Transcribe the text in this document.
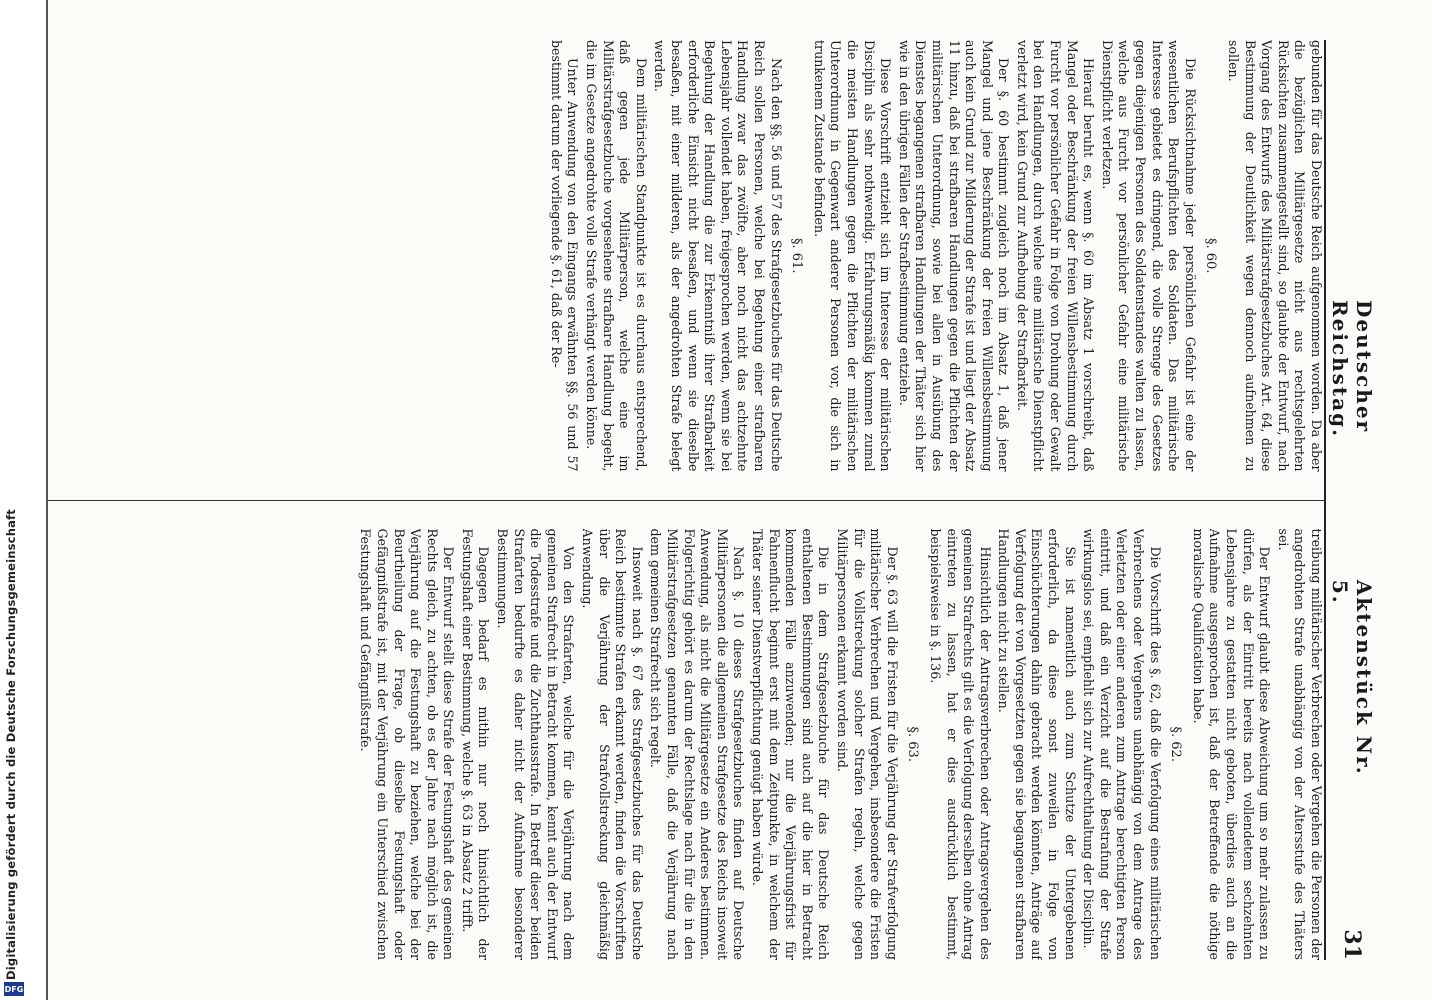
Deutscher Reichstag.
Aktenstück Nr. 5.
31

gebunden für das Deutsche Reich aufgenommen worden. Da aber die bezüglichen Militärgesetze nicht aus rechtsgelehrten Rücksichten zusammengestellt sind, so glaubte der Entwurf, nach Vorgang des Entwurfs des Militärstrafgesetzbuches Art. 64, diese Bestimmung der Deutlichkeit wegen dennoch aufnehmen zu sollen.

§. 60.

Die Rücksichtnahme jeder persönlichen Gefahr ist eine der wesentlichen Berufspflichten des Soldaten. Das militärische Interesse gebietet es dringend, die volle Strenge des Gesetzes gegen diejenigen Personen des Soldatenstandes walten zu lassen, welche aus Furcht vor persönlicher Gefahr eine militärische Dienstpflicht verletzen.

Hierauf beruht es, wenn §. 60 im Absatz 1 vorschreibt, daß Mangel oder Beschränkung der freien Willensbestimmung durch Furcht vor persönlicher Gefahr in Folge von Drohung oder Gewalt bei den Handlungen, durch welche eine militärische Dienstpflicht verletzt wird, kein Grund zur Aufhebung der Strafbarkeit.

Der §. 60 bestimmt zugleich noch im Absatz 1, daß jener Mangel und jene Beschränkung der freien Willensbestimmung auch kein Grund zur Milderung der Strafe ist und liegt der Absatz 11 hinzu, daß bei strafbaren Handlungen gegen die Pflichten der militärischen Unterordnung, sowie bei allen in Ausübung des Dienstes begangenen strafbaren Handlungen der Thäter sich hier wie in den übrigen Fällen der Strafbestimmung entziehe.

Diese Vorschrift entzieht sich im Interesse der militärischen Disciplin als sehr nothwendig. Erfahrungsmäßig kommen zumal die meisten Handlungen gegen die Pflichten der militärischen Unterordnung in Gegenwart anderer Personen vor, die sich in trunkenem Zustande befinden.

§. 61.

Nach den §§. 56 und 57 des Strafgesetzbuches für das Deutsche Reich sollen Personen, welche bei Begehung einer strafbaren Handlung zwar das zwölfte, aber noch nicht das achtzehnte Lebensjahr vollendet haben, freigesprochen werden, wenn sie bei Begehung der Handlung die zur Erkenntniß ihrer Strafbarkeit erforderliche Einsicht nicht besaßen, und wenn sie dieselbe besaßen, mit einer milderen, als der angedrohten Strafe belegt werden.

Dem militärischen Standpunkte ist es durchaus entsprechend, daß gegen jede Militärperson, welche eine im Militärstrafgesetzbuche vorgesehene strafbare Handlung begeht, die im Gesetze angedrohte volle Strafe verhängt werden könne.

Unter Anwendung von den Eingangs erwähnten §§. 56 und 57 bestimmt darum der vorliegende §. 61, daß der Re-

treibung militärischer Verbrechen oder Vergehen die Personen der angedrohten Strafe unabhängig von der Altersstufe des Thäters sei.

Der Entwurf glaubt diese Abweichung um so mehr zulassen zu dürfen, als der Eintritt bereits nach vollendetem sechzehnten Lebensjahre zu gestatten nicht geboten, überdies auch an die Aufnahme ausgesprochen ist, daß der Betreffende die nöthige moralische Qualification habe.

§. 62.

Die Vorschrift des §. 62, daß die Verfolgung eines militärischen Verbrechens oder Vergehens unabhängig von dem Antrage des Verletzten oder einer anderen zum Antrage berechtigten Person eintritt, und daß ein Verzicht auf die Bestrafung der Strafe wirkungslos sei, empfiehlt sich zur Aufrechthaltung der Disciplin.

Sie ist namentlich auch zum Schutze der Untergebenen erforderlich, da diese sonst zuweilen in Folge von Einschüchterungen dahin gebracht werden könnten, Anträge auf Verfolgung der von Vorgesetzten gegen sie begangenen strafbaren Handlungen nicht zu stellen.

Hinsichtlich der Antragsverbrechen oder Antragsvergehen des gemeinen Strafrechts gilt es die Verfolgung derselben ohne Antrag eintreten zu lassen, hat er dies ausdrücklich bestimmt, beispielsweise in §. 136.

§. 63.

Der §. 63 will die Fristen für die Verjährung der Strafverfolgung militärischer Verbrechen und Vergehen, insbesondere die Fristen für die Vollstreckung solcher Strafen regeln, welche gegen Militärpersonen erkannt worden sind.

Die in dem Strafgesetzbuche für das Deutsche Reich enthaltenen Bestimmungen sind auch auf die hier in Betracht kommenden Fälle anzuwenden; nur die Verjährungsfrist für Fahnenflucht beginnt erst mit dem Zeitpunkte, in welchem der Thäter seiner Dienstverpflichtung genügt haben würde.

Nach §. 10 dieses Strafgesetzbuches finden auf Deutsche Militärpersonen die allgemeinen Strafgesetze des Reichs insoweit Anwendung, als nicht die Militärgesetze ein Anderes bestimmen. Folgerichtig gehört es darum der Rechtslage nach für die in den Militärstrafgesetzen genannten Fälle, daß die Verjährung nach dem gemeinen Strafrecht sich regelt.

Insoweit nach §. 67 des Strafgesetzbuches für das Deutsche Reich bestimmte Strafen erkannt werden, finden die Vorschriften über die Verjährung der Strafvollstreckung gleichmäßig Anwendung.

Von den Strafarten, welche für die Verjährung nach dem gemeinen Strafrecht in Betracht kommen, kennt auch der Entwurf die Todesstrafe und die Zuchthausstrafe. In Betreff dieser beiden Strafarten bedurfte es daher nicht der Aufnahme besonderer Bestimmungen.

Dagegen bedarf es mithin nur noch hinsichtlich der Festungshaft einer Bestimmung, welche §. 63 in Absatz 2 trifft.

Der Entwurf stellt diese Strafe der Festungshaft des gemeinen Rechts gleich, zu achten, ob es der Jahre nach möglich ist, die Verjährung auf die Festungshaft zu beziehen, welche bei der Beurtheilung der Frage, ob dieselbe Festungshaft oder Gefängnißstrafe ist, mit der Verjährung ein Unterschied zwischen Festungshaft und Gefängnißstrafe.

Digitalisierung gefördert durch die Deutsche Forschungsgemeinschaft
DFG
